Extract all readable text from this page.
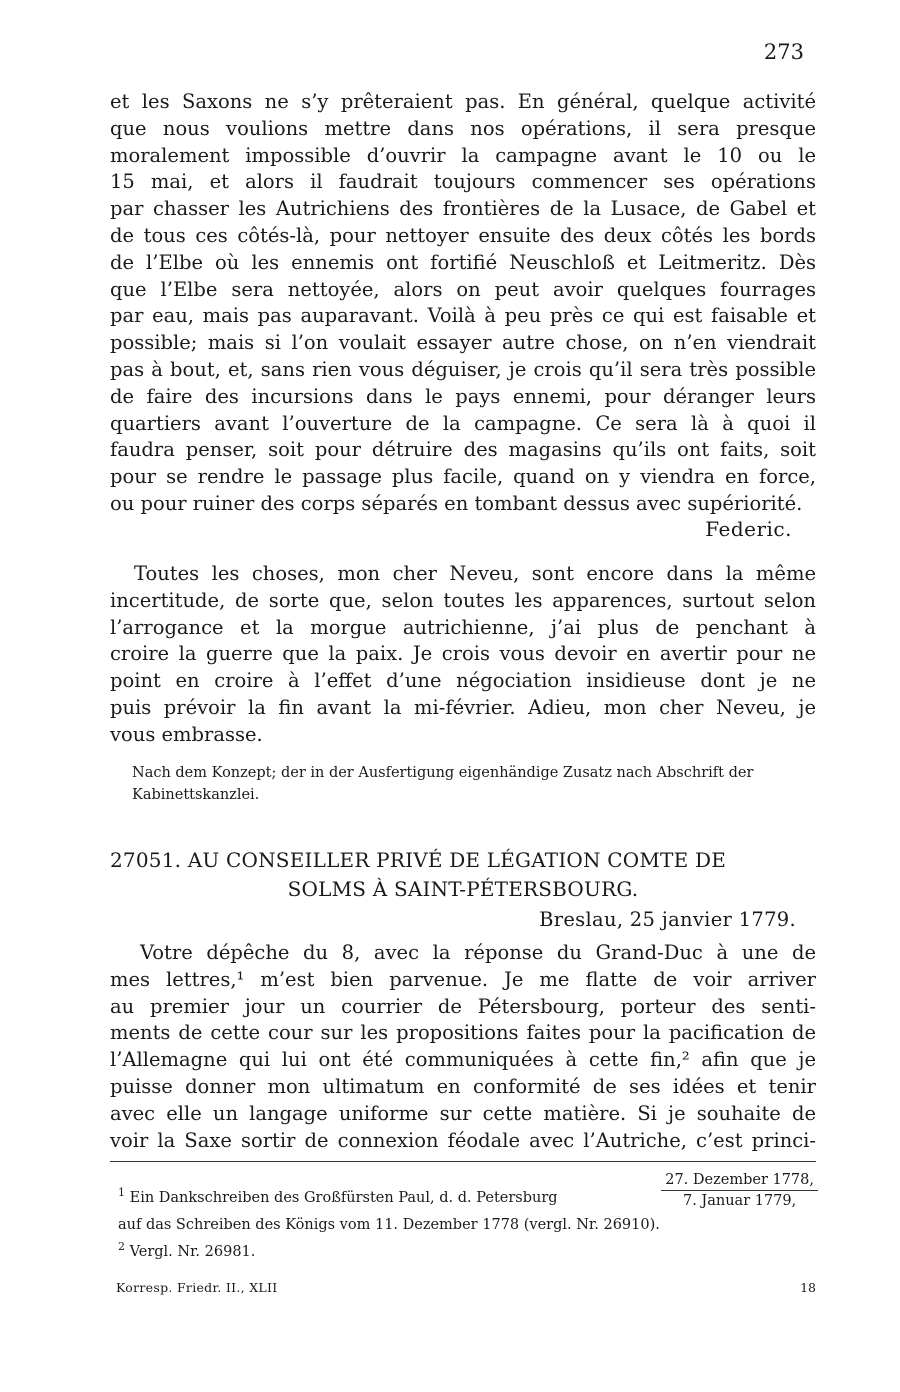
273
et les Saxons ne s’y prêteraient pas. En général, quelque activité
que nous voulions mettre dans nos opérations, il sera presque
moralement impossible d’ouvrir la campagne avant le 10 ou le
15 mai, et alors il faudrait toujours commencer ses opérations
par chasser les Autrichiens des frontières de la Lusace, de Gabel et
de tous ces côtés-là, pour nettoyer ensuite des deux côtés les bords
de l’Elbe où les ennemis ont fortifié Neuschloß et Leitmeritz. Dès
que l’Elbe sera nettoyée, alors on peut avoir quelques fourrages
par eau, mais pas auparavant. Voilà à peu près ce qui est faisable et
possible; mais si l’on voulait essayer autre chose, on n’en viendrait
pas à bout, et, sans rien vous déguiser, je crois qu’il sera très possible
de faire des incursions dans le pays ennemi, pour déranger leurs
quartiers avant l’ouverture de la campagne. Ce sera là à quoi il
faudra penser, soit pour détruire des magasins qu’ils ont faits, soit
pour se rendre le passage plus facile, quand on y viendra en force,
ou pour ruiner des corps séparés en tombant dessus avec supériorité.
Federic.
Toutes les choses, mon cher Neveu, sont encore dans la même
incertitude, de sorte que, selon toutes les apparences, surtout selon
l’arrogance et la morgue autrichienne, j’ai plus de penchant à
croire la guerre que la paix. Je crois vous devoir en avertir pour ne
point en croire à l’effet d’une négociation insidieuse dont je ne
puis prévoir la fin avant la mi-février. Adieu, mon cher Neveu, je
vous embrasse.
Nach dem Konzept; der in der Ausfertigung eigenhändige Zusatz nach Abschrift der Kabinettskanzlei.
27051. AU CONSEILLER PRIVÉ DE LÉGATION COMTE DE
SOLMS À SAINT-PÉTERSBOURG.
Breslau, 25 janvier 1779.
Votre dépêche du 8, avec la réponse du Grand-Duc à une de
mes lettres,¹ m’est bien parvenue. Je me flatte de voir arriver
au premier jour un courrier de Pétersbourg, porteur des senti-
ments de cette cour sur les propositions faites pour la pacification de
l’Allemagne qui lui ont été communiquées à cette fin,² afin que je
puisse donner mon ultimatum en conformité de ses idées et tenir
avec elle un langage uniforme sur cette matière. Si je souhaite de
voir la Saxe sortir de connexion féodale avec l’Autriche, c’est princi-
$^1$ Ein Dankschreiben des Großfürsten Paul, d. d. Petersburg
27. Dezember 1778,
7. Januar 1779,
auf das Schreiben des Königs vom 11. Dezember 1778 (vergl. Nr. 26910).
$^2$ Vergl. Nr. 26981.
Korresp. Friedr. II., XLII	18
